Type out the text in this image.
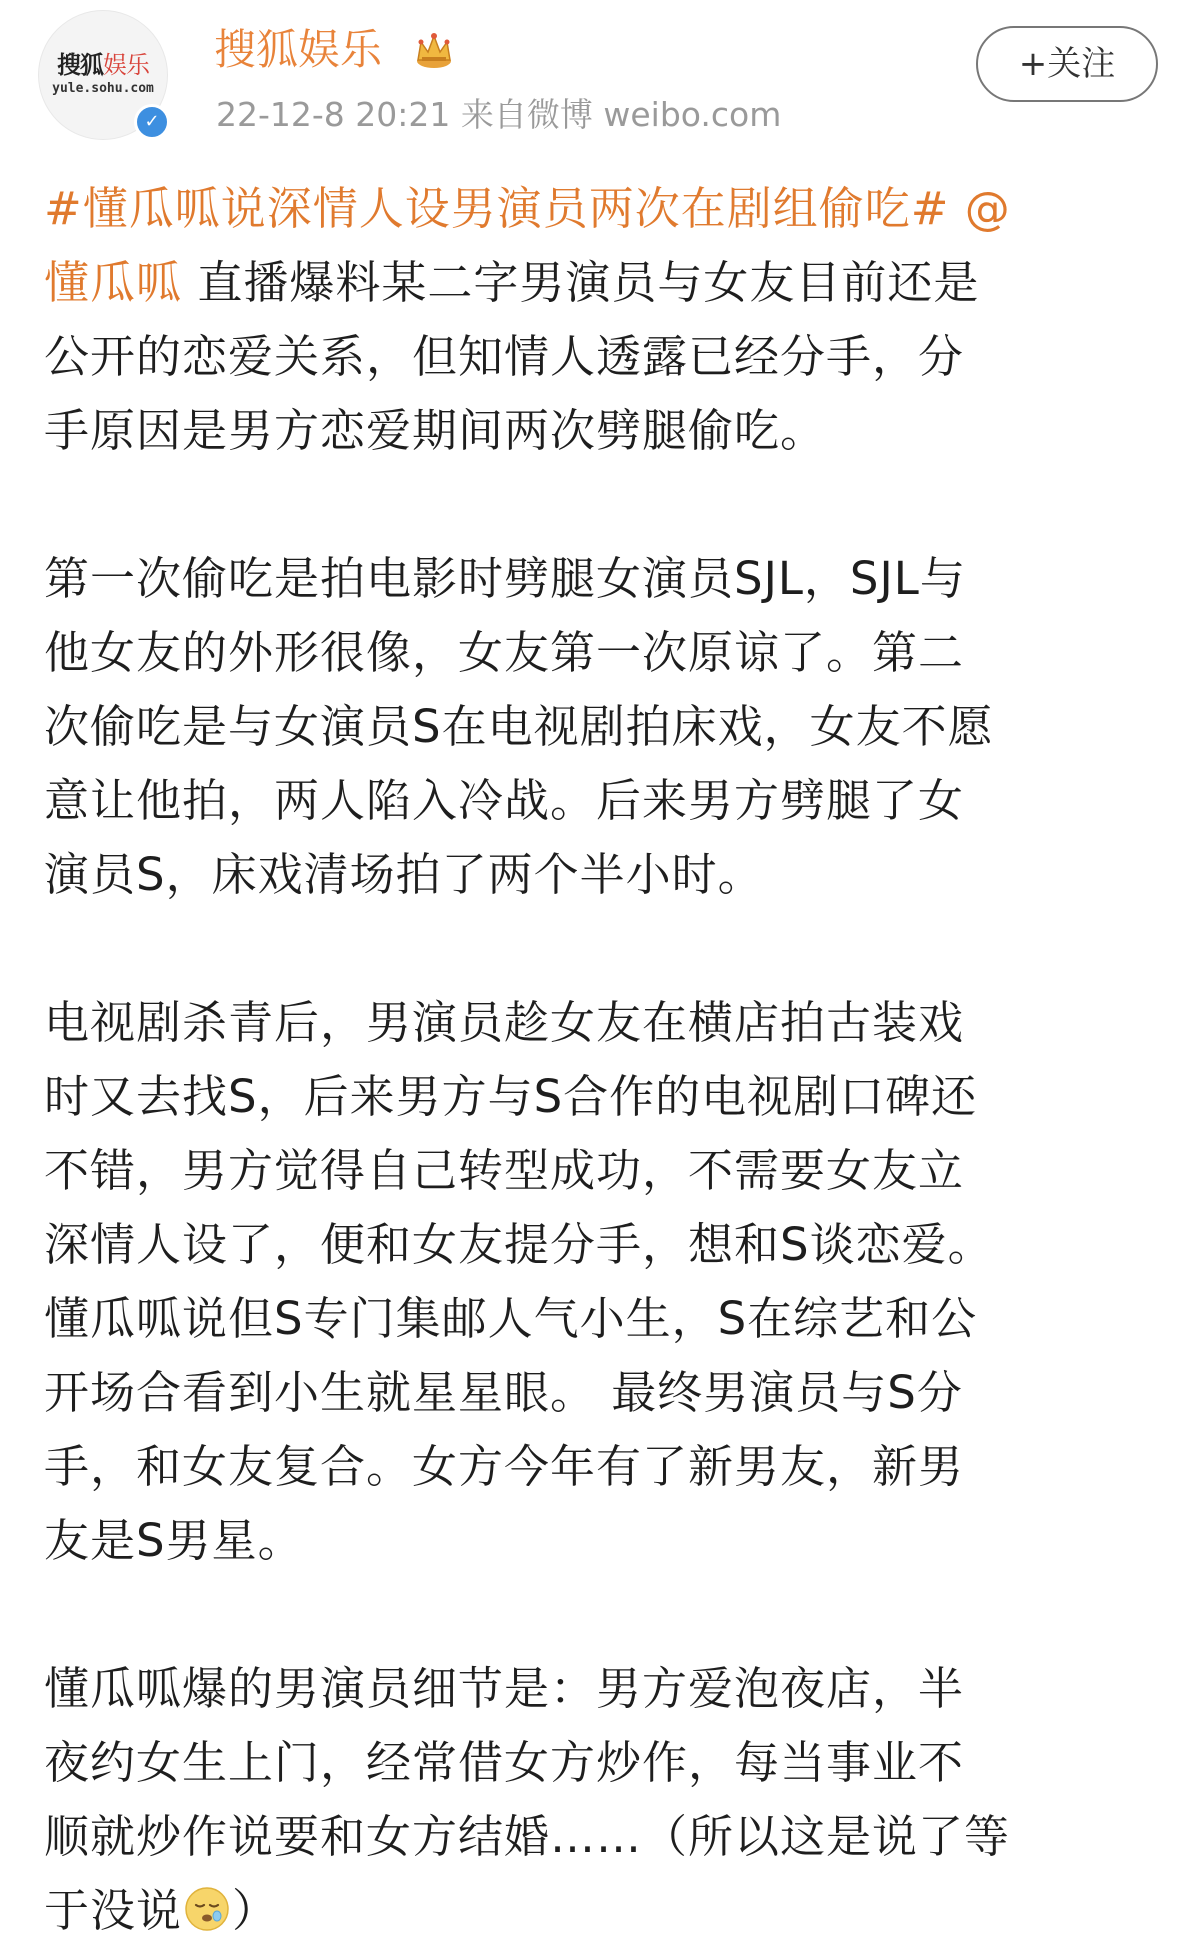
搜狐娱乐
yule.sohu.com
✓
搜狐娱乐
22-12-8 20:21 来自微博 weibo.com
+关注

#懂瓜呱说深情人设男演员两次在剧组偷吃# @
懂瓜呱 直播爆料某二字男演员与女友目前还是
公开的恋爱关系，但知情人透露已经分手，分
手原因是男方恋爱期间两次劈腿偷吃。

第一次偷吃是拍电影时劈腿女演员SJL，SJL与
他女友的外形很像，女友第一次原谅了。第二
次偷吃是与女演员S在电视剧拍床戏，女友不愿
意让他拍，两人陷入冷战。后来男方劈腿了女
演员S，床戏清场拍了两个半小时。

电视剧杀青后，男演员趁女友在横店拍古装戏
时又去找S，后来男方与S合作的电视剧口碑还
不错，男方觉得自己转型成功，不需要女友立
深情人设了，便和女友提分手，想和S谈恋爱。
懂瓜呱说但S专门集邮人气小生，S在综艺和公
开场合看到小生就星星眼。 最终男演员与S分
手，和女友复合。女方今年有了新男友，新男
友是S男星。

懂瓜呱爆的男演员细节是：男方爱泡夜店，半
夜约女生上门，经常借女方炒作，每当事业不
顺就炒作说要和女方结婚……（所以这是说了等
于没说 ）
